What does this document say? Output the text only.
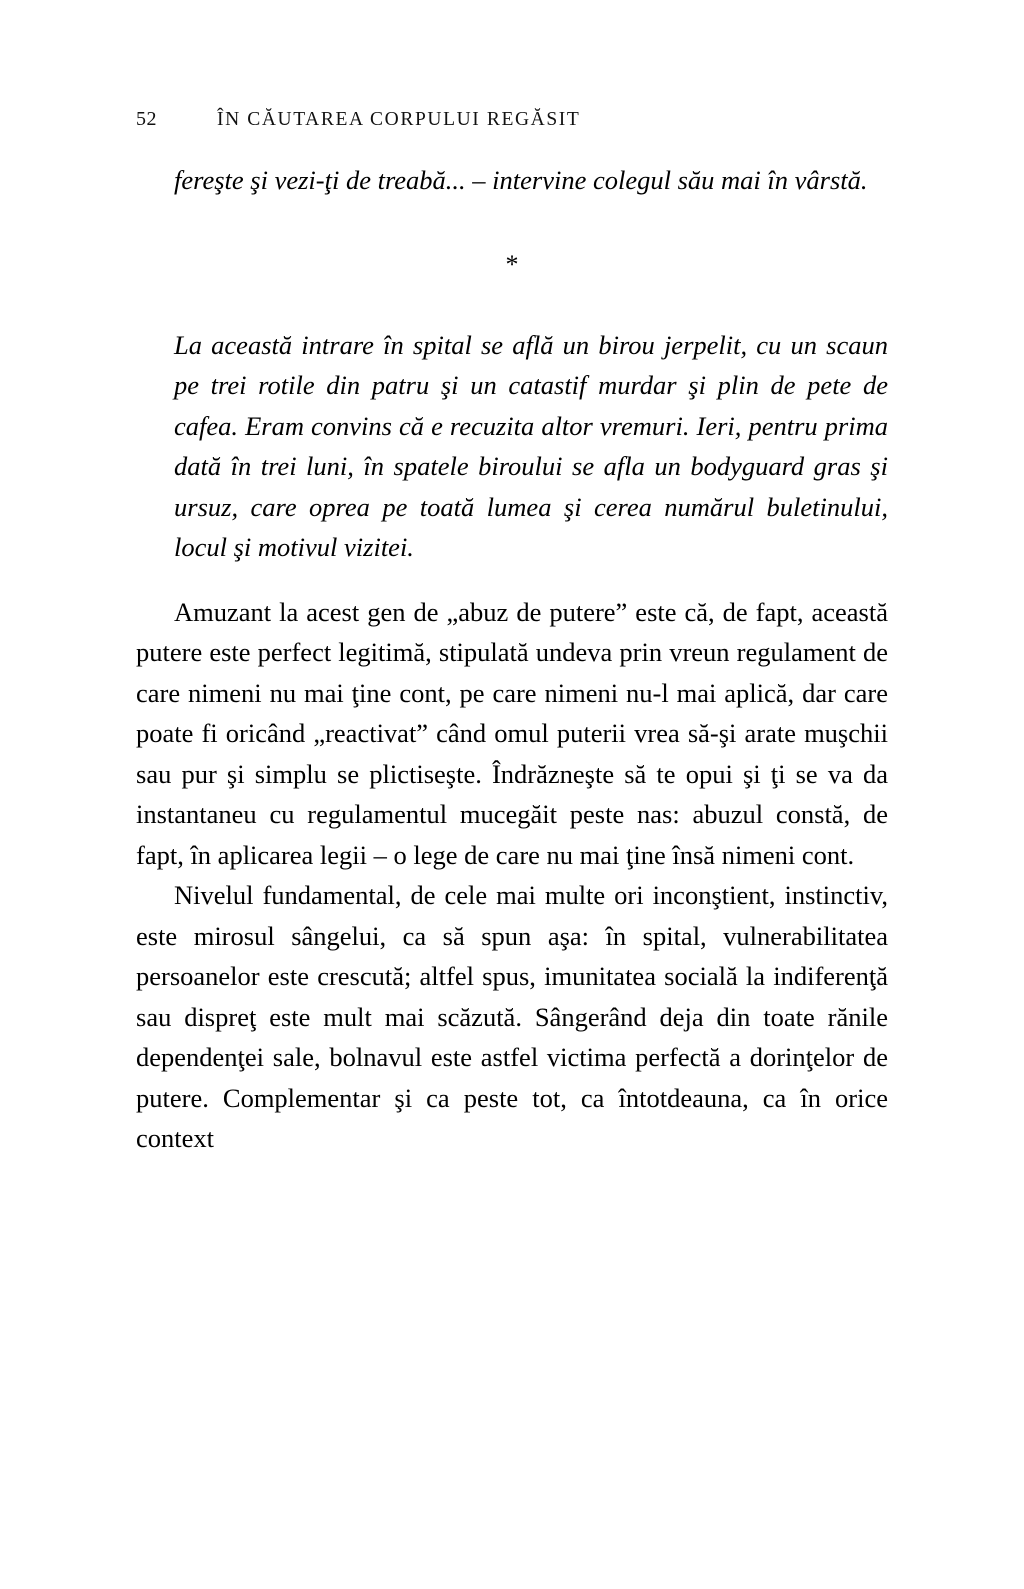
52	ÎN CĂUTAREA CORPULUI REGĂSIT

fereşte şi vezi-ţi de treabă... – intervine colegul său mai în vârstă.

*

La această intrare în spital se află un birou jerpelit, cu un scaun pe trei rotile din patru şi un catastif murdar şi plin de pete de cafea. Eram convins că e recuzita altor vremuri. Ieri, pentru prima dată în trei luni, în spatele biroului se afla un bodyguard gras şi ursuz, care oprea pe toată lumea şi cerea numărul buletinului, locul şi motivul vizitei.

Amuzant la acest gen de „abuz de putere” este că, de fapt, această putere este perfect legitimă, stipulată undeva prin vreun regulament de care nimeni nu mai ţine cont, pe care nimeni nu-l mai aplică, dar care poate fi oricând „reactivat” când omul puterii vrea să-şi arate muşchii sau pur şi simplu se plictiseşte. Îndrăzneşte să te opui şi ţi se va da instantaneu cu regulamentul mucegăit peste nas: abuzul constă, de fapt, în aplicarea legii – o lege de care nu mai ţine însă nimeni cont.

Nivelul fundamental, de cele mai multe ori inconştient, instinctiv, este mirosul sângelui, ca să spun aşa: în spital, vulnerabilitatea persoanelor este crescută; altfel spus, imunitatea socială la indiferenţă sau dispreţ este mult mai scăzută. Sângerând deja din toate rănile dependenţei sale, bolnavul este astfel victima perfectă a dorinţelor de putere. Complementar şi ca peste tot, ca întotdeauna, ca în orice context
